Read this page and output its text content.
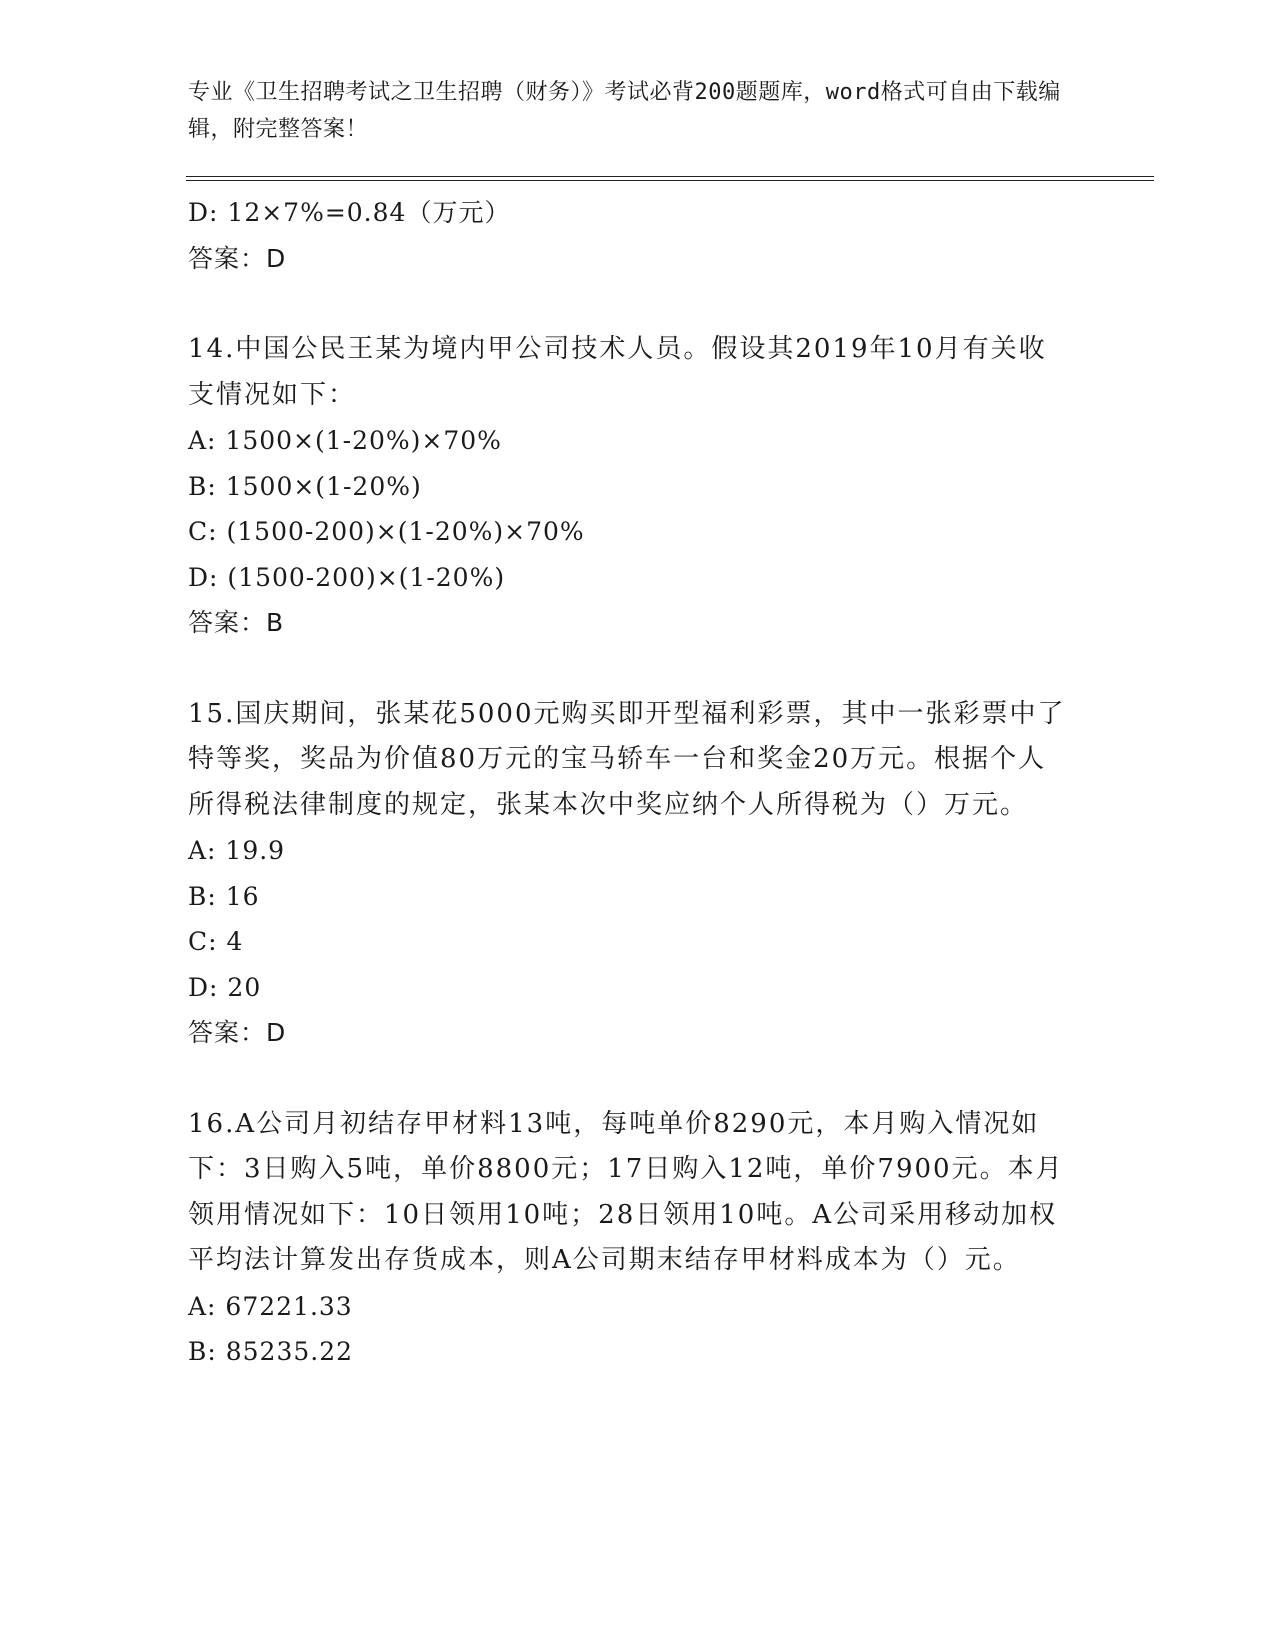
专业《卫生招聘考试之卫生招聘（财务）》考试必背200题题库，word格式可自由下载编辑，附完整答案！
D: 12×7%=0.84（万元）
答案：D
14.中国公民王某为境内甲公司技术人员。假设其2019年10月有关收支情况如下：
A: 1500×(1-20%)×70%
B: 1500×(1-20%)
C: (1500-200)×(1-20%)×70%
D: (1500-200)×(1-20%)
答案：B
15.国庆期间，张某花5000元购买即开型福利彩票，其中一张彩票中了特等奖，奖品为价值80万元的宝马轿车一台和奖金20万元。根据个人所得税法律制度的规定，张某本次中奖应纳个人所得税为（）万元。
A: 19.9
B: 16
C: 4
D: 20
答案：D
16.A公司月初结存甲材料13吨，每吨单价8290元，本月购入情况如下：3日购入5吨，单价8800元；17日购入12吨，单价7900元。本月领用情况如下：10日领用10吨；28日领用10吨。A公司采用移动加权平均法计算发出存货成本，则A公司期末结存甲材料成本为（）元。
A: 67221.33
B: 85235.22
